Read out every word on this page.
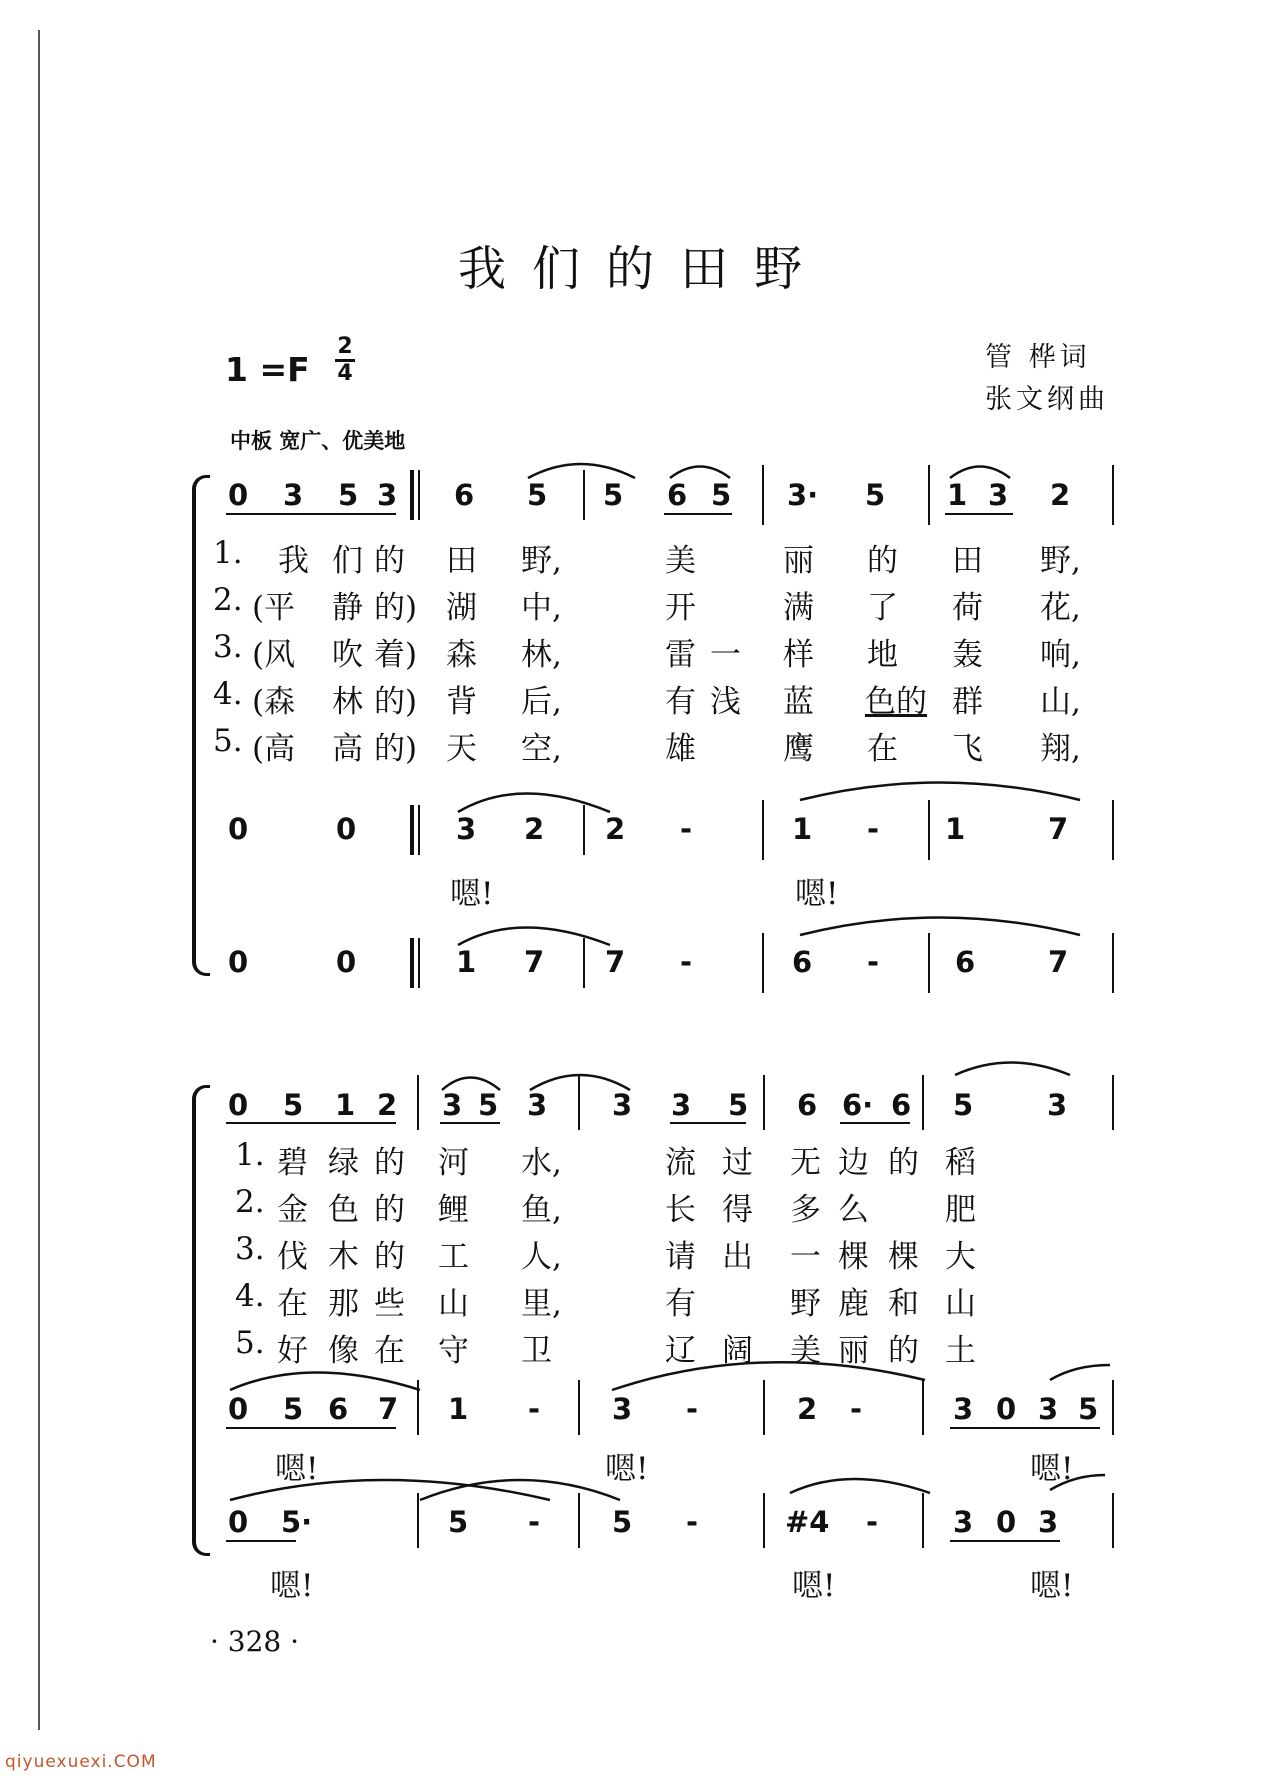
我们的田野
1 =F
2
4
管 桦词
张文纲曲
中板 宽广、优美地
0 3 5 3 6 5 5 6 5 3· 5 1 3 2
1. 我 们 的 田 野,	美	丽 的 田 野,
2. (平 静 的) 湖 中,	开	满 了 荷 花,
3. (风 吹 着) 森 林,	雷 一 样 地 轰 响,
4. (森 林 的) 背 后,	有 浅 蓝 色的 群 山,
5. (高 高 的) 天 空,	雄	鹰 在 飞 翔,
0	0	3 2 2 -	1 - 1	7
嗯!	嗯!
0	0	1 7 7 -	6 -	6	7
0 5 1 2 3 5 3 3 3 5 6 6· 6 5	3
1. 碧 绿 的 河 水,	流 过 无 边 的 稻
2. 金 色 的 鲤 鱼,	长 得 多 么 肥
3. 伐 木 的 工 人,	请 出 一 棵 棵 大
4. 在 那 些 山 里,	有	野 鹿 和 山
5. 好 像 在 守 卫	辽 阔 美 丽 的 土
0 5 6 7 1 - 3 -	2 -	3 0 3 5
嗯!	嗯!	嗯!
0 5·	5 - 5 -	#4 -	3 0 3
嗯!	嗯!	嗯!
· 328 ·
qiyuexuexi.COM
